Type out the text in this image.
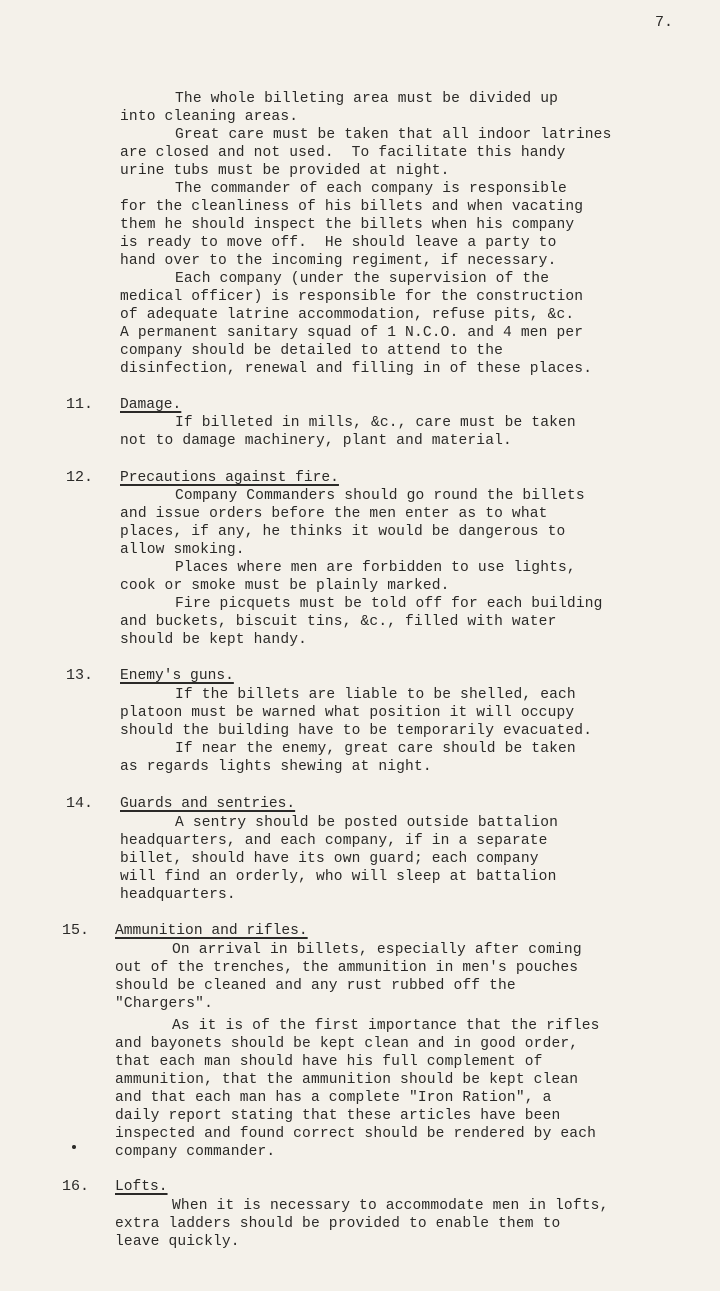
7.
The whole billeting area must be divided up
into cleaning areas.
Great care must be taken that all indoor latrines
are closed and not used.  To facilitate this handy
urine tubs must be provided at night.
The commander of each company is responsible
for the cleanliness of his billets and when vacating
them he should inspect the billets when his company
is ready to move off.  He should leave a party to
hand over to the incoming regiment, if necessary.
Each company (under the supervision of the
medical officer) is responsible for the construction
of adequate latrine accommodation, refuse pits, &c.
A permanent sanitary squad of 1 N.C.O. and 4 men per
company should be detailed to attend to the
disinfection, renewal and filling in of these places.
11. Damage.
If billeted in mills, &c., care must be taken
not to damage machinery, plant and material.
12. Precautions against fire.
Company Commanders should go round the billets
and issue orders before the men enter as to what
places, if any, he thinks it would be dangerous to
allow smoking.
Places where men are forbidden to use lights,
cook or smoke must be plainly marked.
Fire picquets must be told off for each building
and buckets, biscuit tins, &c., filled with water
should be kept handy.
13. Enemy's guns.
If the billets are liable to be shelled, each
platoon must be warned what position it will occupy
should the building have to be temporarily evacuated.
If near the enemy, great care should be taken
as regards lights shewing at night.
14. Guards and sentries.
A sentry should be posted outside battalion
headquarters, and each company, if in a separate
billet, should have its own guard; each company
will find an orderly, who will sleep at battalion
headquarters.
15. Ammunition and rifles.
On arrival in billets, especially after coming
out of the trenches, the ammunition in men's pouches
should be cleaned and any rust rubbed off the
"Chargers".
As it is of the first importance that the rifles
and bayonets should be kept clean and in good order,
that each man should have his full complement of
ammunition, that the ammunition should be kept clean
and that each man has a complete "Iron Ration", a
daily report stating that these articles have been
inspected and found correct should be rendered by each
company commander.
16. Lofts.
When it is necessary to accommodate men in lofts,
extra ladders should be provided to enable them to
leave quickly.
